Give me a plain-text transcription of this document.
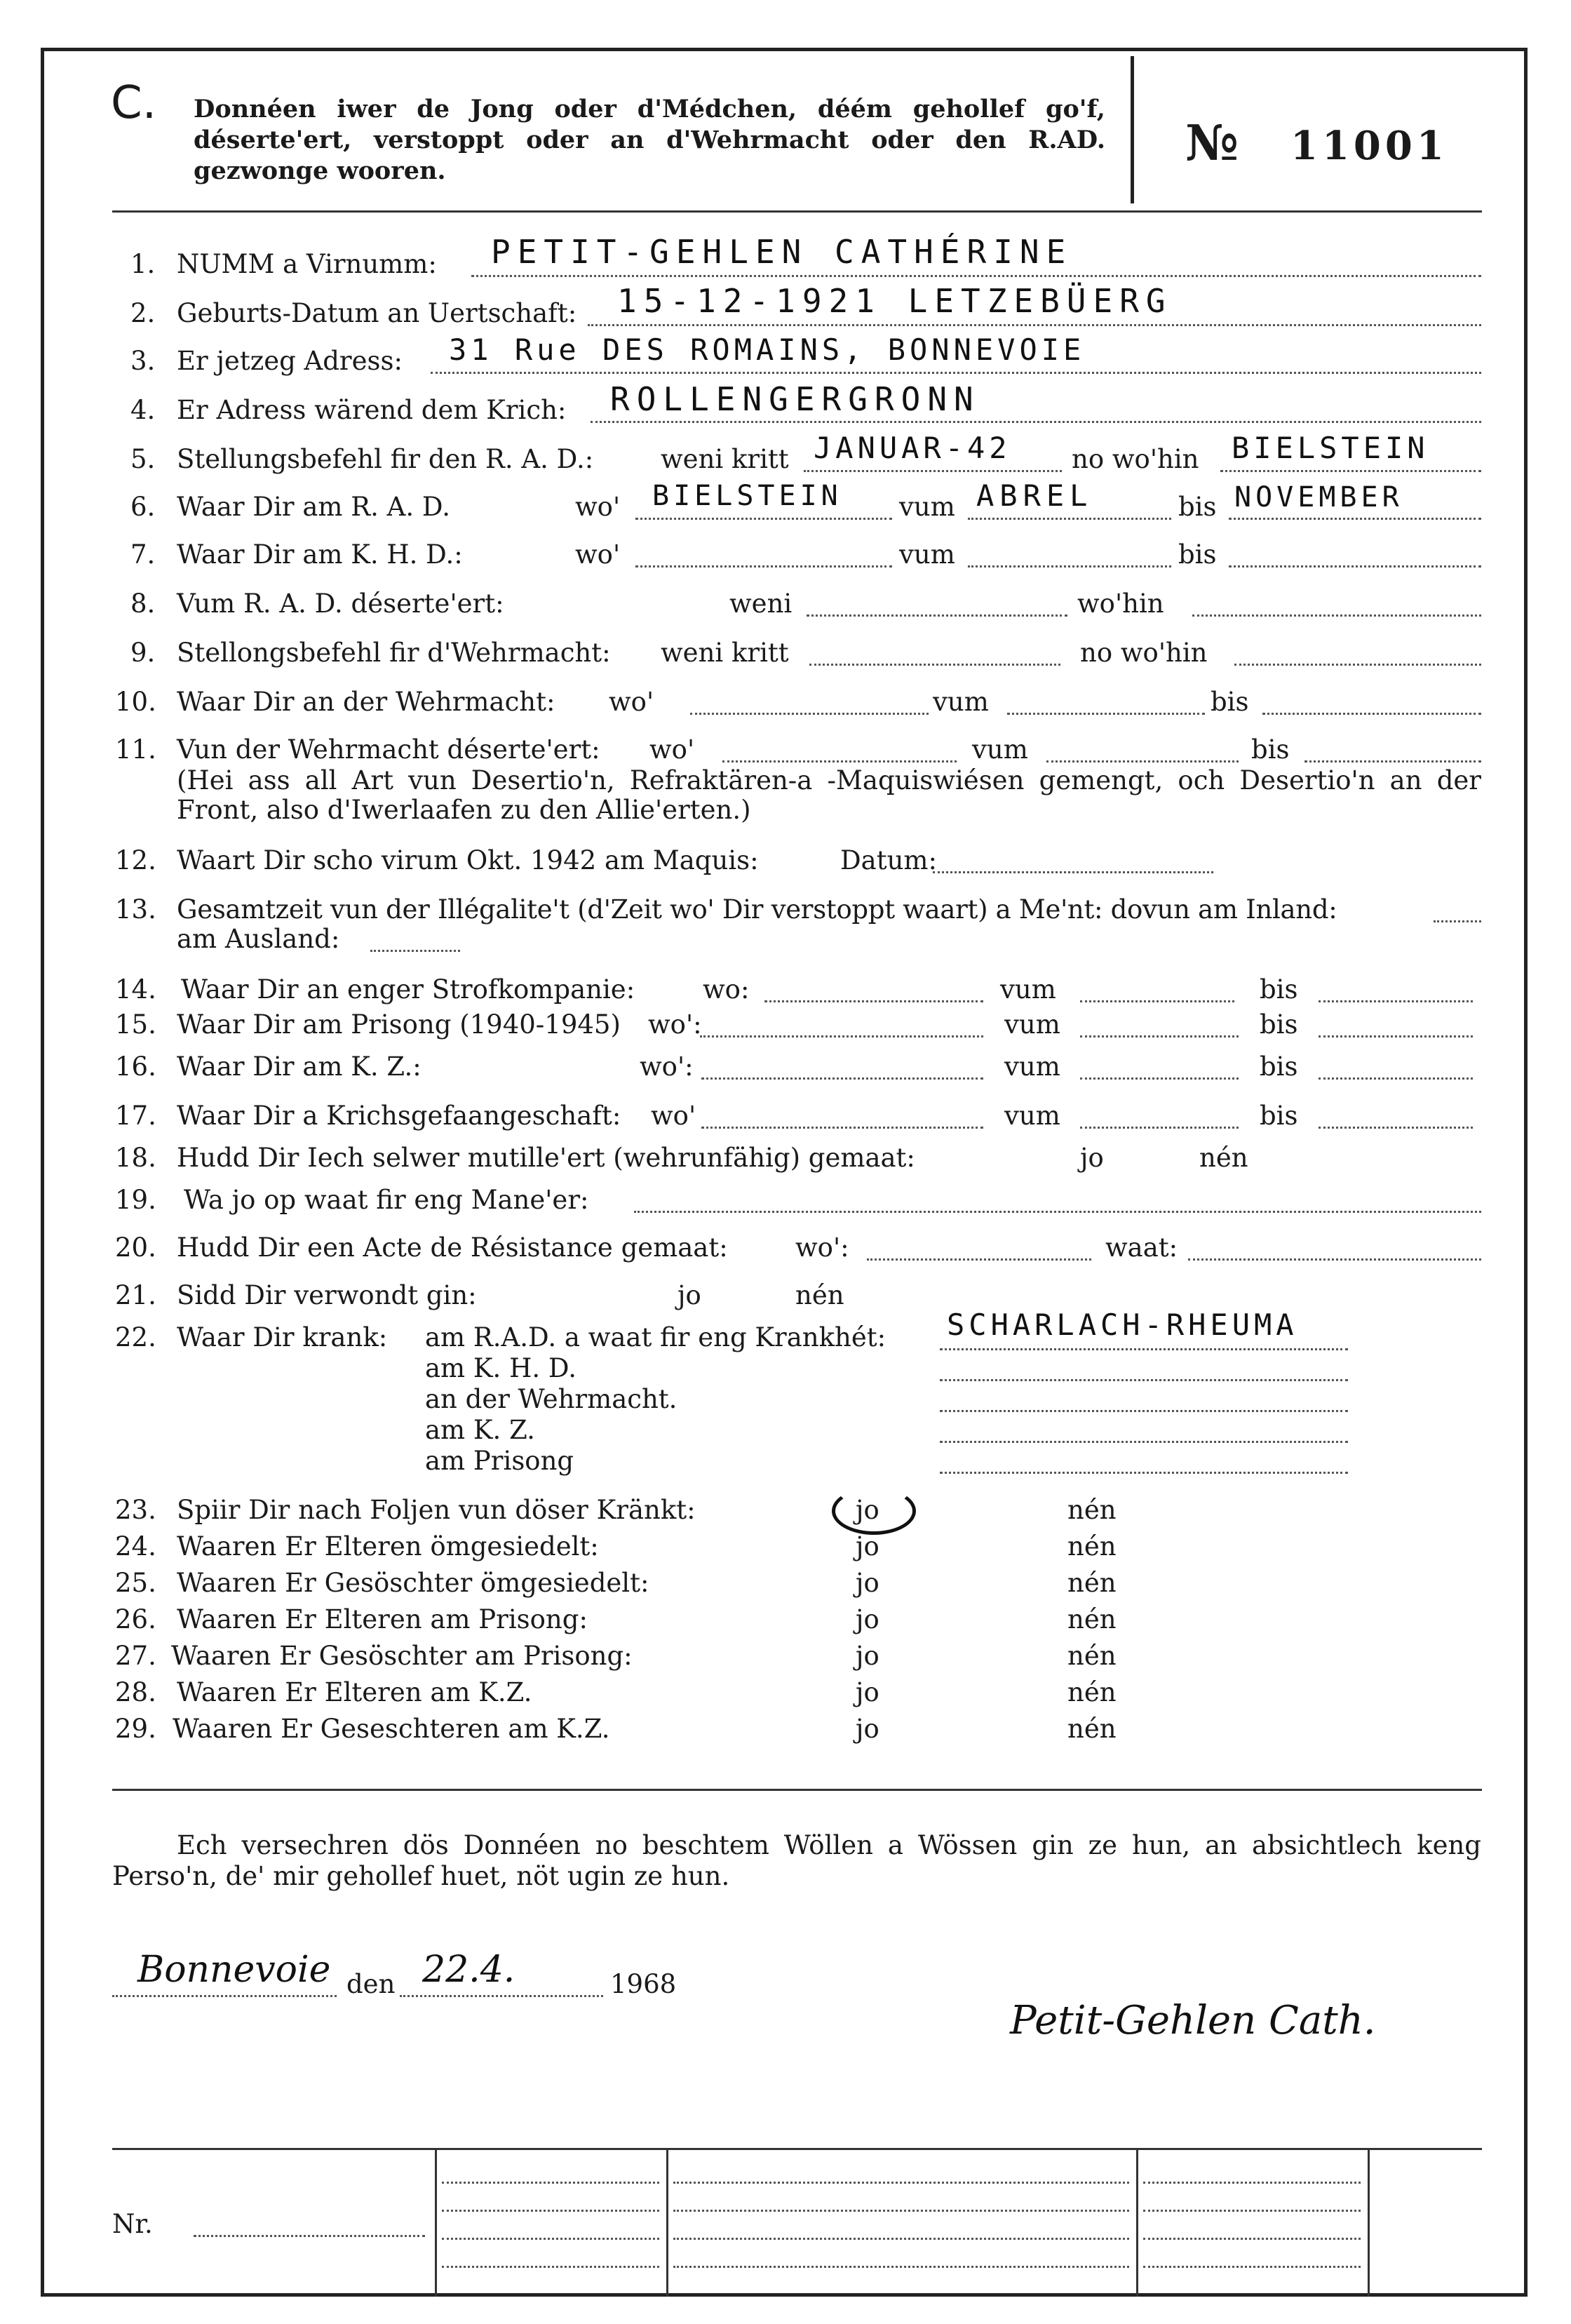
C. Donnéen iwer de Jong oder d'Médchen, déém gehollef go'f, déserte'ert, verstoppt oder an d'Wehrmacht oder den R.AD. gezwonge wooren.	№ 11001
1. NUMM a Virnumm: PETIT-GEHLEN CATHÉRINE
2. Geburts-Datum an Uertschaft: 15-12-1921 LETZEBÜERG
3. Er jetzeg Adress: 31 Rue DES ROMAINS, BONNEVOIE
4. Er Adress wärend dem Krich: ROLLENGERGRONN
5. Stellungsbefehl fir den R. A. D.:	weni kritt JANUAR-42 no wo'hin BIELSTEIN
6. Waar Dir am R. A. D.	wo' BIELSTEIN vum ABREL	bis NOVEMBER
7. Waar Dir am K. H. D.:	wo'	vum	bis
8. Vum R. A. D. déserte'ert:	weni	wo'hin
9. Stellongsbefehl fir d'Wehrmacht: weni kritt	no wo'hin
10. Waar Dir an der Wehrmacht: wo'	vum	bis
11. Vun der Wehrmacht déserte'ert: wo'	vum	bis
(Hei ass all Art vun Desertio'n, Refraktären-a -Maquiswiésen gemengt, och Desertio'n an der
Front, also d'Iwerlaafen zu den Allie'erten.)
12. Waart Dir scho virum Okt. 1942 am Maquis:	Datum:
13. Gesamtzeit vun der Illégalite't (d'Zeit wo' Dir verstoppt waart) a Me'nt: dovun am Inland:
am Ausland:
14. Waar Dir an enger Strofkompanie:	wo:	vum	bis
15. Waar Dir am Prisong (1940-1945) wo':	vum	bis
16. Waar Dir am K. Z.:	wo':	vum	bis
17. Waar Dir a Krichsgefaangeschaft: wo'	vum	bis
18. Hudd Dir Iech selwer mutille'ert (wehrunfähig) gemaat:	jo	nén
19. Wa jo op waat fir eng Mane'er:
20. Hudd Dir een Acte de Résistance gemaat:	wo':	waat:
21. Sidd Dir verwondt gin:	jo	nén
22. Waar Dir krank: am R.A.D. a waat fir eng Krankhét: SCHARLACH-RHEUMA
am K. H. D.
an der Wehrmacht.
am K. Z.
am Prisong
23. Spiir Dir nach Foljen vun döser Kränkt:	jo	nén
24. Waaren Er Elteren ömgesiedelt:	jo	nén
25. Waaren Er Gesöschter ömgesiedelt:	jo	nén
26. Waaren Er Elteren am Prisong:	jo	nén
27. Waaren Er Gesöschter am Prisong:	jo	nén
28. Waaren Er Elteren am K.Z.	jo	nén
29. Waaren Er Geseschteren am K.Z.	jo	nén
Ech versechren dös Donnéen no beschtem Wöllen a Wössen gin ze hun, an absichtlech keng
Perso'n, de' mir gehollef huet, nöt ugin ze hun.
Bonnevoie den 22.4.	1968
Petit-Gehlen Cath.
Nr.
